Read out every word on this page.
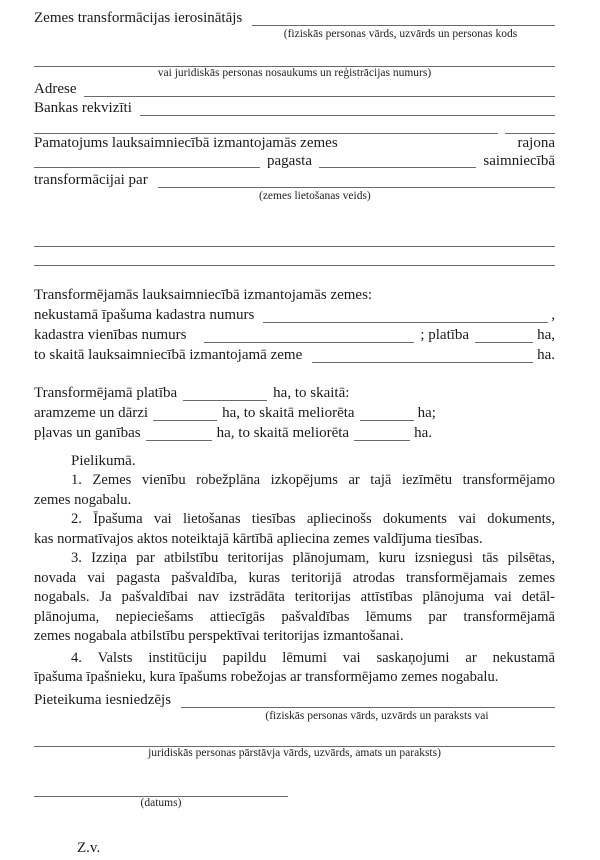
Zemes transformācijas ierosinātājs
(fiziskās personas vārds, uzvārds un personas kods
vai juridiskās personas nosaukums un reģistrācijas numurs)
Adrese
Bankas rekvizīti
Pamatojums lauksaimniecībā izmantojamās zemes	rajona
pagasta	saimniecībā
transformācijai par
(zemes lietošanas veids)
Transformējamās lauksaimniecībā izmantojamās zemes:
nekustamā īpašuma kadastra numurs	,
kadastra vienības numurs	; platība	ha,
to skaitā lauksaimniecībā izmantojamā zeme	ha.
Transformējamā platība	ha, to skaitā:
aramzeme un dārzi	ha, to skaitā meliorēta	ha;
pļavas un ganības	ha, to skaitā meliorēta	ha.
Pielikumā.
1. Zemes vienību robežplāna izkopējums ar tajā iezīmētu transformējamo
zemes nogabalu.
2. Īpašuma vai lietošanas tiesības apliecinošs dokuments vai dokuments,
kas normatīvajos aktos noteiktajā kārtībā apliecina zemes valdījuma tiesības.
3. Izziņa par atbilstību teritorijas plānojumam, kuru izsniegusi tās pilsētas,
novada vai pagasta pašvaldība, kuras teritorijā atrodas transformējamais zemes
nogabals. Ja pašvaldībai nav izstrādāta teritorijas attīstības plānojuma vai detāl-
plānojuma, nepieciešams attiecīgās pašvaldības lēmums par transformējamā
zemes nogabala atbilstību perspektīvai teritorijas izmantošanai.
4. Valsts institūciju papildu lēmumi vai saskaņojumi ar nekustamā
īpašuma īpašnieku, kura īpašums robežojas ar transformējamo zemes nogabalu.
Pieteikuma iesniedzējs
(fiziskās personas vārds, uzvārds un paraksts vai
juridiskās personas pārstāvja vārds, uzvārds, amats un paraksts)
(datums)
Z.v.
